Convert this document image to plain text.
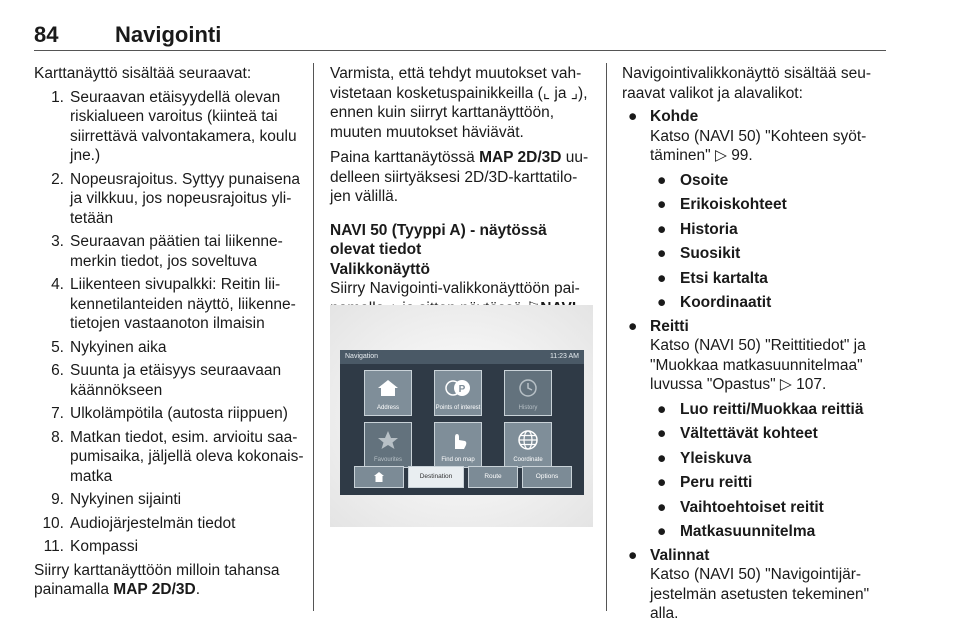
84	Navigointi

Karttanäyttö sisältää seuraavat:

1. Seuraavan etäisyydellä olevan riskialueen varoitus (kiinteä tai siirrettävä valvontakamera, koulu jne.)
2. Nopeusrajoitus. Syttyy punaisena ja vilkkuu, jos nopeusrajoitus yli- tetään
3. Seuraavan päätien tai liikenne- merkin tiedot, jos soveltuva
4. Liikenteen sivupalkki: Reitin lii- kennetilanteiden näyttö, liikenne- tietojen vastaanoton ilmaisin
5. Nykyinen aika
6. Suunta ja etäisyys seuraavaan käännökseen
7. Ulkolämpötila (autosta riippuen)
8. Matkan tiedot, esim. arvioitu saa- pumisaika, jäljellä oleva kokonais- matka
9. Nykyinen sijainti
10. Audiojärjestelmän tiedot
11. Kompassi

Siirry karttanäyttöön milloin tahansa painamalla MAP 2D/3D.

Varmista, että tehdyt muutokset vah- vistetaan kosketuspainikkeilla (⌞ ja ⌟), ennen kuin siirryt karttanäyttöön, muuten muutokset häviävät.

Paina karttanäytössä MAP 2D/3D uu- delleen siirtyäksesi 2D/3D-karttatilo- jen välillä.

NAVI 50 (Tyyppi A) - näytössä olevat tiedot

Valikkonäyttö

Siirry Navigointi-valikkonäyttöön pai-

Navigation	11:23 AM
Address
P
Points of interest	History
Favourites	Find on map	Coordinate
Destination	Route	Options

Navigointivalikkonäyttö sisältää seu- raavat valikot ja alavalikot:

● Kohde

Katso (NAVI 50) "Kohteen syöt- täminen" ▷ 99.

● Osoite
● Erikoiskohteet
● Historia
● Suosikit
● Etsi kartalta
● Koordinaatit
● Reitti

Katso (NAVI 50) "Reittitiedot" ja "Muokkaa matkasuunnitelmaa" luvussa "Opastus" ▷ 107.

● Luo reitti/Muokkaa reittiä
● Vältettävät kohteet
● Yleiskuva
● Peru reitti
● Vaihtoehtoiset reitit
● Matkasuunnitelma
● Valinnat

Katso (NAVI 50) "Navigointijär- jestelmän asetusten tekeminen" alla.
